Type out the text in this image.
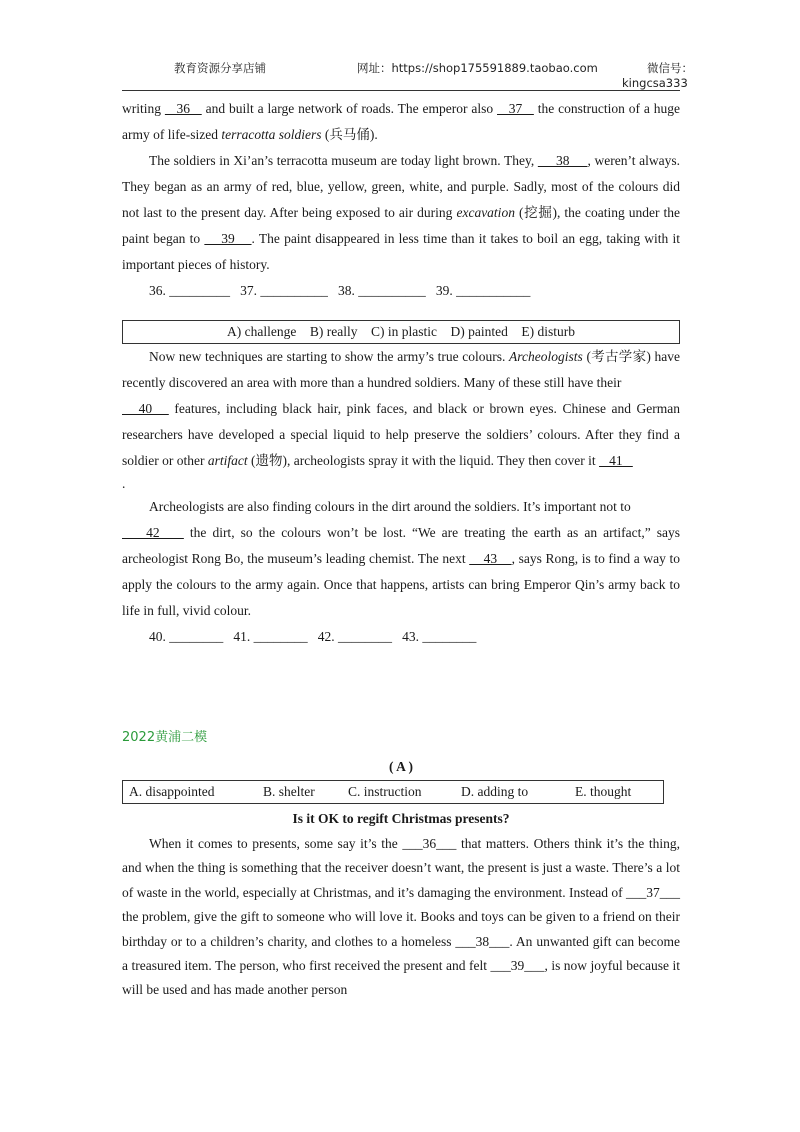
教育资源分享店铺	网址：https://shop175591889.taobao.com	微信号：
kingcsa333

writing    36    and built a large network of roads. The emperor also    37    the construction of a huge army of life-sized terracotta soldiers (兵马俑).

The soldiers in Xi’an’s terracotta museum are today light brown. They,      38     , weren’t always. They began as an army of red, blue, yellow, green, white, and purple. Sadly, most of the colours did not last to the present day. After being exposed to air during excavation (挖掘), the coating under the paint began to     39    . The paint disappeared in less time than it takes to boil an egg, taking with it important pieces of history.

36. _________   37. __________   38. __________   39. ___________

A) challenge    B) really    C) in plastic    D) painted    E) disturb

Now new techniques are starting to show the army’s true colours. Archeologists (考古学家) have recently discovered an area with more than a hundred soldiers. Many of these still have their

40    features, including black hair, pink faces, and black or brown eyes. Chinese and German researchers have developed a special liquid to help preserve the soldiers’ colours. After they find a soldier or other artifact (遗物), archeologists spray it with the liquid. They then cover it    41

.

Archeologists are also finding colours in the dirt around the soldiers. It’s important not to

42     the dirt, so the colours won’t be lost. “We are treating the earth as an artifact,” says archeologist Rong Bo, the museum’s leading chemist. The next     43    , says Rong, is to find a way to apply the colours to the army again. Once that happens, artists can bring Emperor Qin’s army back to life in full, vivid colour.

40. ________   41. ________   42. ________   43. ________

2022黄浦二模

( A )

A. disappointed	B. shelter C. instruction	D. adding to	E. thought

Is it OK to regift Christmas presents?

When it comes to presents, some say it’s the ___36___ that matters. Others think it’s the thing, and when the thing is something that the receiver doesn’t want, the present is just a waste. There’s a lot of waste in the world, especially at Christmas, and it’s damaging the environment. Instead of ___37___ the problem, give the gift to someone who will love it. Books and toys can be given to a friend on their birthday or to a children’s charity, and clothes to a homeless ___38___. An unwanted gift can become a treasured item. The person, who first received the present and felt ___39___, is now joyful because it will be used and has made another person
